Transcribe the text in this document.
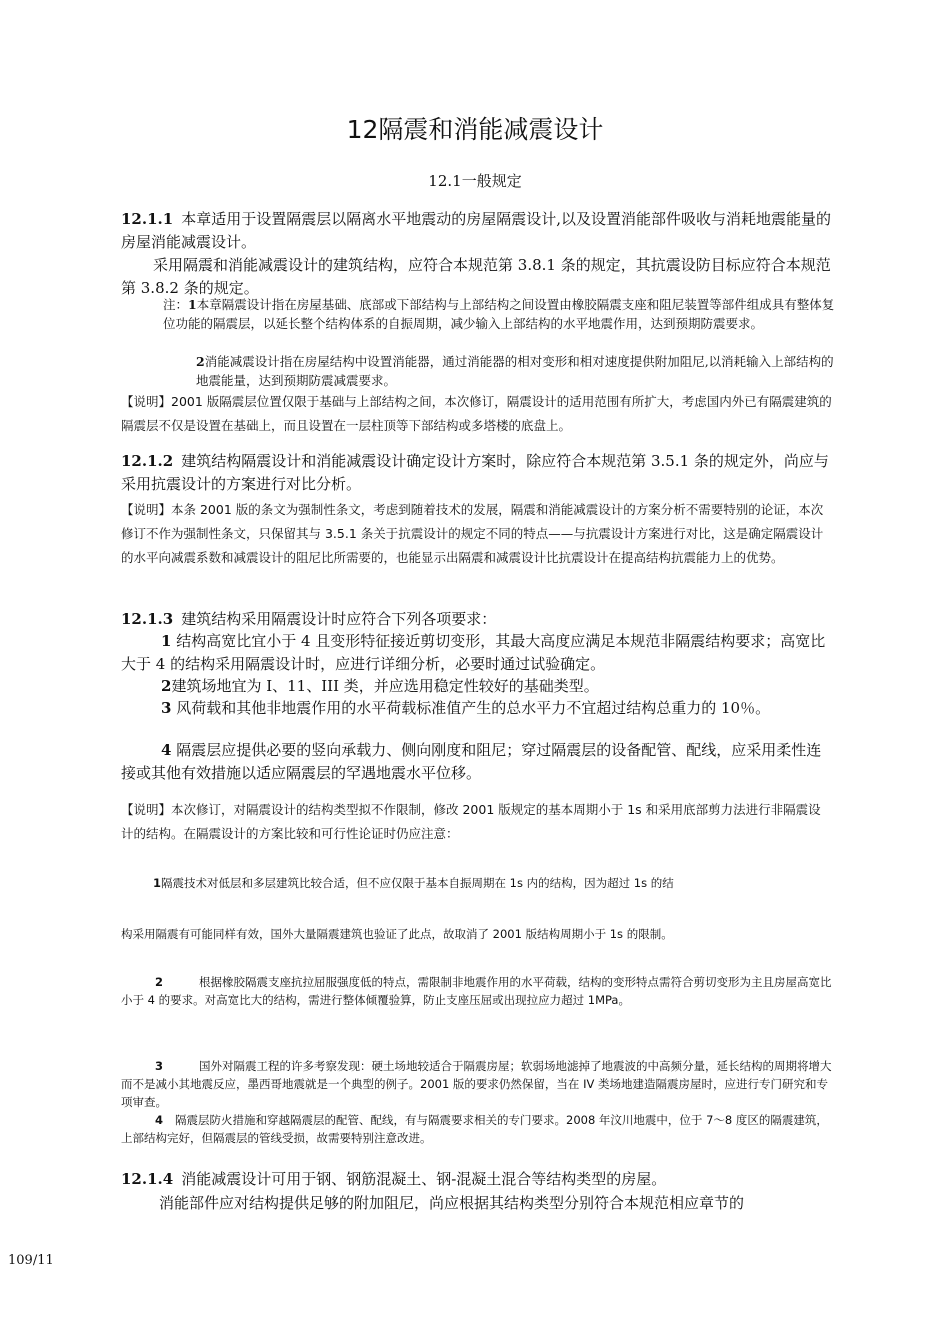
12隔震和消能减震设计
12.1一般规定

12.1.1 本章适用于设置隔震层以隔离水平地震动的房屋隔震设计,以及设置消能部件吸收与消耗地震能量的房屋消能减震设计。

采用隔震和消能减震设计的建筑结构，应符合本规范第 3.8.1 条的规定，其抗震设防目标应符合本规范第 3.8.2 条的规定。

注：1本章隔震设计指在房屋基础、底部或下部结构与上部结构之间设置由橡胶隔震支座和阻尼装置等部件组成具有整体复位功能的隔震层，以延长整个结构体系的自振周期，减少输入上部结构的水平地震作用，达到预期防震要求。
2消能减震设计指在房屋结构中设置消能器，通过消能器的相对变形和相对速度提供附加阻尼,以消耗输入上部结构的地震能量，达到预期防震减震要求。

【说明】2001 版隔震层位置仅限于基础与上部结构之间，本次修订，隔震设计的适用范围有所扩大，考虑国内外已有隔震建筑的隔震层不仅是设置在基础上，而且设置在一层柱顶等下部结构或多塔楼的底盘上。

12.1.2 建筑结构隔震设计和消能减震设计确定设计方案时，除应符合本规范第 3.5.1 条的规定外，尚应与采用抗震设计的方案进行对比分析。

【说明】本条 2001 版的条文为强制性条文，考虑到随着技术的发展，隔震和消能减震设计的方案分析不需要特别的论证，本次修订不作为强制性条文，只保留其与 3.5.1 条关于抗震设计的规定不同的特点——与抗震设计方案进行对比，这是确定隔震设计的水平向减震系数和减震设计的阻尼比所需要的，也能显示出隔震和减震设计比抗震设计在提高结构抗震能力上的优势。

12.1.3 建筑结构采用隔震设计时应符合下列各项要求：

1 结构高宽比宜小于 4 且变形特征接近剪切变形，其最大高度应满足本规范非隔震结构要求；高宽比大于 4 的结构采用隔震设计时，应进行详细分析，必要时通过试验确定。

2建筑场地宜为 I、11、III 类，并应选用稳定性较好的基础类型。

3 风荷载和其他非地震作用的水平荷载标准值产生的总水平力不宜超过结构总重力的 10％。

4 隔震层应提供必要的竖向承载力、侧向刚度和阻尼；穿过隔震层的设备配管、配线，应采用柔性连接或其他有效措施以适应隔震层的罕遇地震水平位移。

【说明】本次修订，对隔震设计的结构类型拟不作限制，修改 2001 版规定的基本周期小于 1s 和采用底部剪力法进行非隔震设计的结构。在隔震设计的方案比较和可行性论证时仍应注意：

1隔震技术对低层和多层建筑比较合适，但不应仅限于基本自振周期在 1s 内的结构，因为超过 1s 的结
构采用隔震有可能同样有效，国外大量隔震建筑也验证了此点，故取消了 2001 版结构周期小于 1s 的限制。
2	根据橡胶隔震支座抗拉屈服强度低的特点，需限制非地震作用的水平荷载，结构的变形特点需符合剪切变形为主且房屋高宽比小于 4 的要求。对高宽比大的结构，需进行整体倾覆验算，防止支座压屈或出现拉应力超过 1MPa。
3	国外对隔震工程的许多考察发现：硬土场地较适合于隔震房屋；软弱场地滤掉了地震波的中高频分量，延长结构的周期将增大而不是减小其地震反应，墨西哥地震就是一个典型的例子。2001 版的要求仍然保留，当在 IV 类场地建造隔震房屋时，应进行专门研究和专项审查。
4 隔震层防火措施和穿越隔震层的配管、配线，有与隔震要求相关的专门要求。2008 年汶川地震中，位于 7～8 度区的隔震建筑，上部结构完好，但隔震层的管线受损，故需要特别注意改进。

12.1.4 消能减震设计可用于钢、钢筋混凝土、钢-混凝土混合等结构类型的房屋。

消能部件应对结构提供足够的附加阻尼，尚应根据其结构类型分别符合本规范相应章节的

109/11
